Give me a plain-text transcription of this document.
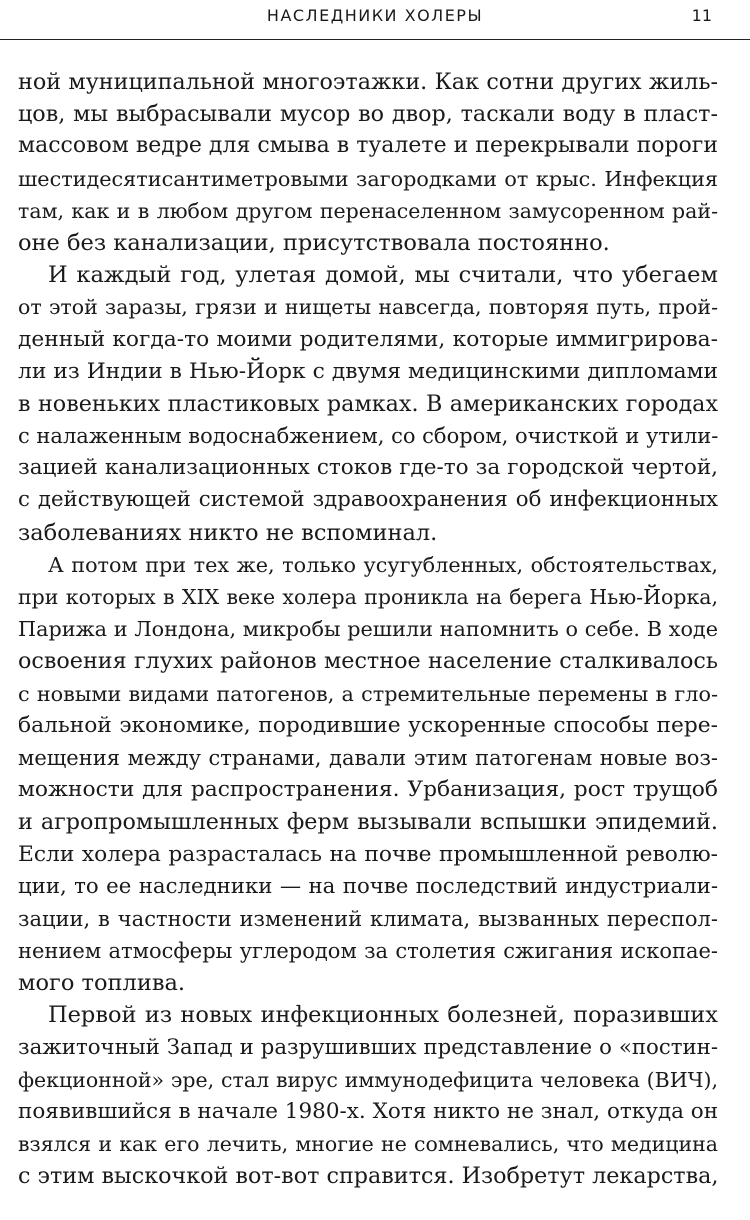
НАСЛЕДНИКИ ХОЛЕРЫ	11
ной муниципальной многоэтажки. Как сотни других жиль-
цов, мы выбрасывали мусор во двор, таскали воду в пласт-
массовом ведре для смыва в туалете и перекрывали пороги
шестидесятисантиметровыми загородками от крыс. Инфекция
там, как и в любом другом перенаселенном замусоренном рай-
оне без канализации, присутствовала постоянно.
И каждый год, улетая домой, мы считали, что убегаем
от этой заразы, грязи и нищеты навсегда, повторяя путь, прой-
денный когда-то моими родителями, которые иммигрирова-
ли из Индии в Нью-Йорк с двумя медицинскими дипломами
в новеньких пластиковых рамках. В американских городах
с налаженным водоснабжением, со сбором, очисткой и утили-
зацией канализационных стоков где-то за городской чертой,
с действующей системой здравоохранения об инфекционных
заболеваниях никто не вспоминал.
А потом при тех же, только усугубленных, обстоятельствах,
при которых в XIX веке холера проникла на берега Нью-Йорка,
Парижа и Лондона, микробы решили напомнить о себе. В ходе
освоения глухих районов местное население сталкивалось
с новыми видами патогенов, а стремительные перемены в гло-
бальной экономике, породившие ускоренные способы пере-
мещения между странами, давали этим патогенам новые воз-
можности для распространения. Урбанизация, рост трущоб
и агропромышленных ферм вызывали вспышки эпидемий.
Если холера разрасталась на почве промышленной револю-
ции, то ее наследники — на почве последствий индустриали-
зации, в частности изменений климата, вызванных переспол-
нением атмосферы углеродом за столетия сжигания ископае-
мого топлива.
Первой из новых инфекционных болезней, поразивших
зажиточный Запад и разрушивших представление о «постин-
фекционной» эре, стал вирус иммунодефицита человека (ВИЧ),
появившийся в начале 1980-х. Хотя никто не знал, откуда он
взялся и как его лечить, многие не сомневались, что медицина
с этим выскочкой вот-вот справится. Изобретут лекарства,
